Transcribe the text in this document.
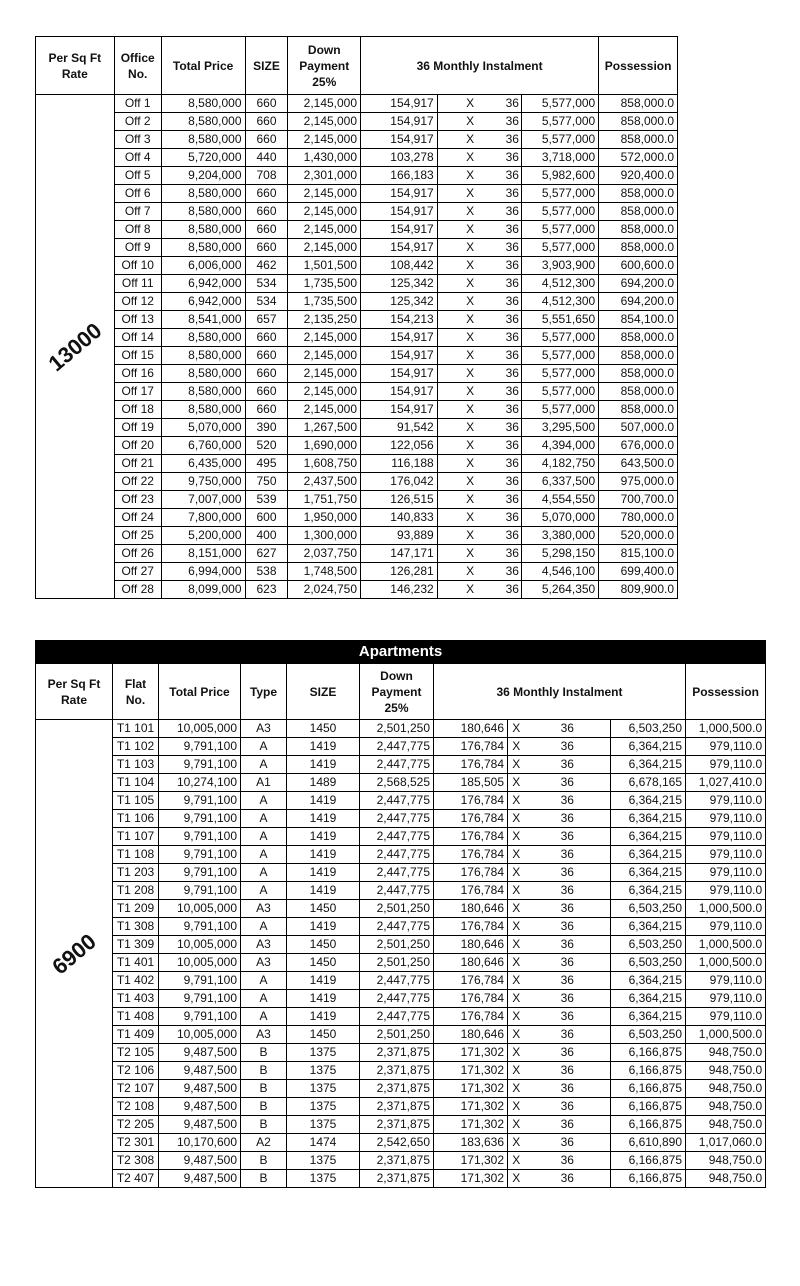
Per Sq Ft Rate	Office No.	Total Price	SIZE	Down Payment 25%	36 Monthly Instalment				Possession

13000	Off 1	8,580,000	660	2,145,000	154,917	X	36	5,577,000	858,000.0
	Off 2	8,580,000	660	2,145,000	154,917	X	36	5,577,000	858,000.0
	Off 3	8,580,000	660	2,145,000	154,917	X	36	5,577,000	858,000.0
	Off 4	5,720,000	440	1,430,000	103,278	X	36	3,718,000	572,000.0
	Off 5	9,204,000	708	2,301,000	166,183	X	36	5,982,600	920,400.0
	Off 6	8,580,000	660	2,145,000	154,917	X	36	5,577,000	858,000.0
	Off 7	8,580,000	660	2,145,000	154,917	X	36	5,577,000	858,000.0
	Off 8	8,580,000	660	2,145,000	154,917	X	36	5,577,000	858,000.0
	Off 9	8,580,000	660	2,145,000	154,917	X	36	5,577,000	858,000.0
	Off 10	6,006,000	462	1,501,500	108,442	X	36	3,903,900	600,600.0
	Off 11	6,942,000	534	1,735,500	125,342	X	36	4,512,300	694,200.0
	Off 12	6,942,000	534	1,735,500	125,342	X	36	4,512,300	694,200.0
	Off 13	8,541,000	657	2,135,250	154,213	X	36	5,551,650	854,100.0
	Off 14	8,580,000	660	2,145,000	154,917	X	36	5,577,000	858,000.0
	Off 15	8,580,000	660	2,145,000	154,917	X	36	5,577,000	858,000.0
	Off 16	8,580,000	660	2,145,000	154,917	X	36	5,577,000	858,000.0
	Off 17	8,580,000	660	2,145,000	154,917	X	36	5,577,000	858,000.0
	Off 18	8,580,000	660	2,145,000	154,917	X	36	5,577,000	858,000.0
	Off 19	5,070,000	390	1,267,500	91,542	X	36	3,295,500	507,000.0
	Off 20	6,760,000	520	1,690,000	122,056	X	36	4,394,000	676,000.0
	Off 21	6,435,000	495	1,608,750	116,188	X	36	4,182,750	643,500.0
	Off 22	9,750,000	750	2,437,500	176,042	X	36	6,337,500	975,000.0
	Off 23	7,007,000	539	1,751,750	126,515	X	36	4,554,550	700,700.0
	Off 24	7,800,000	600	1,950,000	140,833	X	36	5,070,000	780,000.0
	Off 25	5,200,000	400	1,300,000	93,889	X	36	3,380,000	520,000.0
	Off 26	8,151,000	627	2,037,750	147,171	X	36	5,298,150	815,100.0
	Off 27	6,994,000	538	1,748,500	126,281	X	36	4,546,100	699,400.0
	Off 28	8,099,000	623	2,024,750	146,232	X	36	5,264,350	809,900.0
Apartments										
Per Sq Ft Rate	Flat No.	Total Price	Type	SIZE	Down Payment 25%	36 Monthly Instalment				Possession

6900	T1 101	10,005,000	A3	1450	2,501,250	180,646	X	36	6,503,250	1,000,500.0
	T1 102	9,791,100	A	1419	2,447,775	176,784	X	36	6,364,215	979,110.0
	T1 103	9,791,100	A	1419	2,447,775	176,784	X	36	6,364,215	979,110.0
	T1 104	10,274,100	A1	1489	2,568,525	185,505	X	36	6,678,165	1,027,410.0
	T1 105	9,791,100	A	1419	2,447,775	176,784	X	36	6,364,215	979,110.0
	T1 106	9,791,100	A	1419	2,447,775	176,784	X	36	6,364,215	979,110.0
	T1 107	9,791,100	A	1419	2,447,775	176,784	X	36	6,364,215	979,110.0
	T1 108	9,791,100	A	1419	2,447,775	176,784	X	36	6,364,215	979,110.0
	T1 203	9,791,100	A	1419	2,447,775	176,784	X	36	6,364,215	979,110.0
	T1 208	9,791,100	A	1419	2,447,775	176,784	X	36	6,364,215	979,110.0
	T1 209	10,005,000	A3	1450	2,501,250	180,646	X	36	6,503,250	1,000,500.0
	T1 308	9,791,100	A	1419	2,447,775	176,784	X	36	6,364,215	979,110.0
	T1 309	10,005,000	A3	1450	2,501,250	180,646	X	36	6,503,250	1,000,500.0
	T1 401	10,005,000	A3	1450	2,501,250	180,646	X	36	6,503,250	1,000,500.0
	T1 402	9,791,100	A	1419	2,447,775	176,784	X	36	6,364,215	979,110.0
	T1 403	9,791,100	A	1419	2,447,775	176,784	X	36	6,364,215	979,110.0
	T1 408	9,791,100	A	1419	2,447,775	176,784	X	36	6,364,215	979,110.0
	T1 409	10,005,000	A3	1450	2,501,250	180,646	X	36	6,503,250	1,000,500.0
	T2 105	9,487,500	B	1375	2,371,875	171,302	X	36	6,166,875	948,750.0
	T2 106	9,487,500	B	1375	2,371,875	171,302	X	36	6,166,875	948,750.0
	T2 107	9,487,500	B	1375	2,371,875	171,302	X	36	6,166,875	948,750.0
	T2 108	9,487,500	B	1375	2,371,875	171,302	X	36	6,166,875	948,750.0
	T2 205	9,487,500	B	1375	2,371,875	171,302	X	36	6,166,875	948,750.0
	T2 301	10,170,600	A2	1474	2,542,650	183,636	X	36	6,610,890	1,017,060.0
	T2 308	9,487,500	B	1375	2,371,875	171,302	X	36	6,166,875	948,750.0
	T2 407	9,487,500	B	1375	2,371,875	171,302	X	36	6,166,875	948,750.0
